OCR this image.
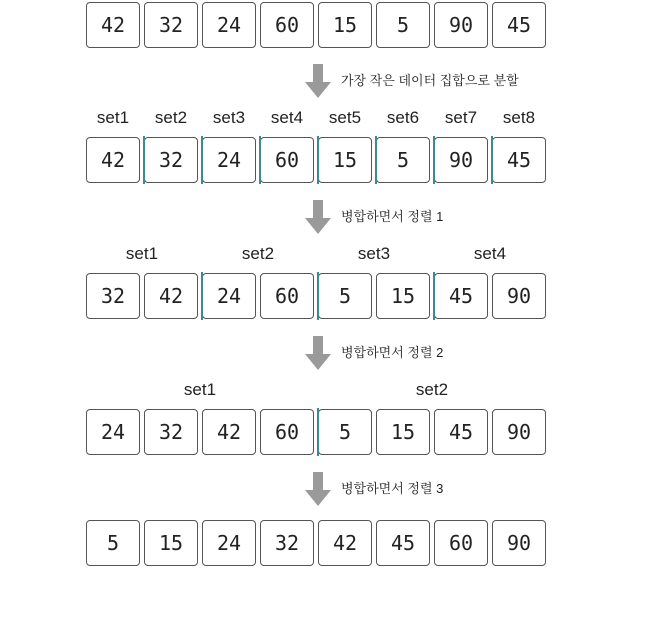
42	32	24	60	15	5	90	45
가장 작은 데이터 집합으로 분할
set1	set2	set3	set4	set5	set6	set7	set8
42	32	24	60	15	5	90	45
병합하면서 정렬 1
set1	set2	set3	set4
32	42	24	60	5	15	45	90
병합하면서 정렬 2
set1	set2
24	32	42	60	5	15	45	90
병합하면서 정렬 3
5	15	24	32	42	45	60	90
